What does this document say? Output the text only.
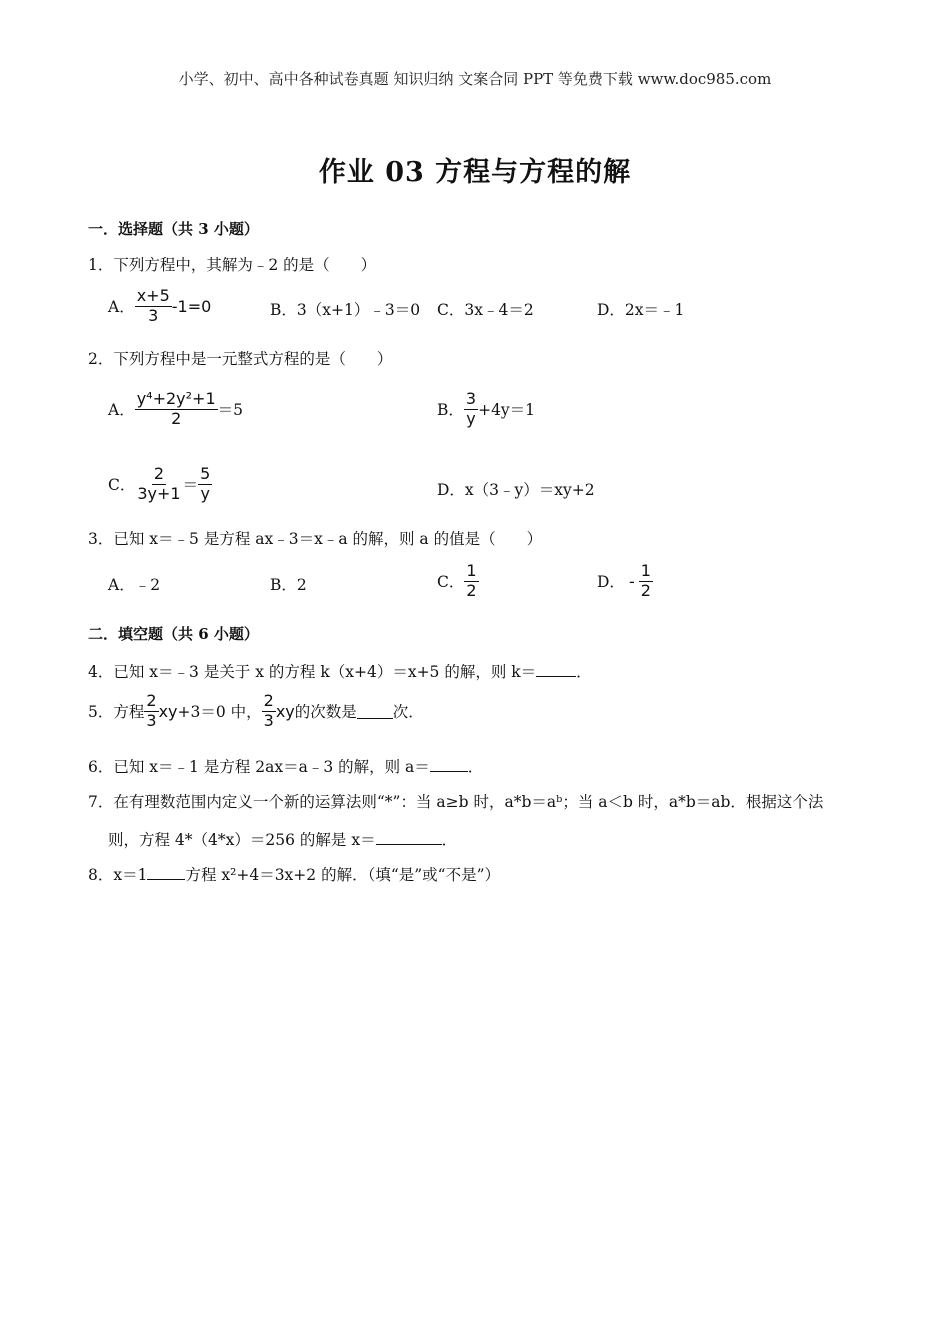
小学、初中、高中各种试卷真题 知识归纳 文案合同 PPT 等免费下载 www.doc985.com
作业 03 方程与方程的解
一．选择题（共 3 小题）
1．下列方程中，其解为﹣2 的是（　　）
A． $\frac{x+5}{3} -1=0$	B．3（x+1）﹣3＝0 C．3x﹣4＝2	D．2x＝﹣1
2．下列方程中是一元整式方程的是（　　）
A． $\frac{\text{y⁴+2y²+1}}{2} =5$	B． $\frac{3}{y} +4y=1$
C． $\frac{2}{3y+1} = \frac{5}{y}$	D．x（3﹣y）＝xy+2
3．已知 x＝﹣5 是方程 ax﹣3＝x﹣a 的解，则 a 的值是（　　）
A．﹣2	B．2	C． $\frac{1}{2}$	D． - $\frac{1}{2}$
二．填空题（共 6 小题）
4．已知 x＝﹣3 是关于 x 的方程 k（x+4）＝x+5 的解，则 k＝	．
5．方程 $\frac{2}{3}$ xy +3＝0 中， $\frac{2}{3}$ xy 的次数是 次．
6．已知 x＝﹣1 是方程 2ax＝a﹣3 的解，则 a＝ ．
7．在有理数范围内定义一个新的运算法则“*”：当 a≥b 时，a*b＝aᵇ；当 a＜b 时，a*b＝ab．根据这个法
则，方程 4*（4*x）＝256 的解是 x＝	．
8．x＝1 方程 x²+4＝3x+2 的解．（填“是”或“不是”）
